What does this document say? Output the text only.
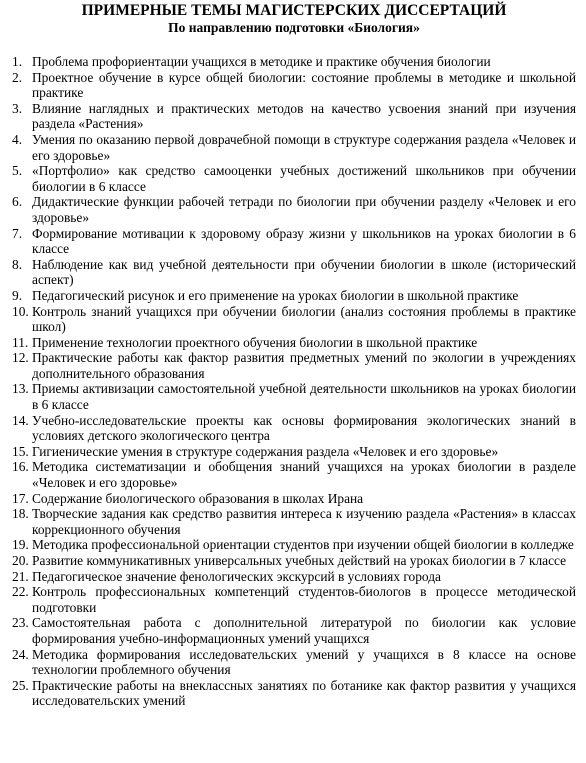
ПРИМЕРНЫЕ ТЕМЫ МАГИСТЕРСКИХ ДИССЕРТАЦИЙ
По направлению подготовки «Биология»
1. Проблема профориентации учащихся в методике и практике обучения биологии
2. Проектное обучение в курсе общей биологии: состояние проблемы в методике и школьной практике
3. Влияние наглядных и практических методов на качество усвоения знаний при изучения раздела «Растения»
4. Умения по оказанию первой доврачебной помощи в структуре содержания раздела «Человек и его здоровье»
5. «Портфолио» как средство самооценки учебных достижений школьников при обучении биологии в 6 классе
6. Дидактические функции рабочей тетради по биологии при обучении разделу «Человек и его здоровье»
7. Формирование мотивации к здоровому образу жизни у школьников на уроках биологии в 6 классе
8. Наблюдение как вид учебной деятельности при обучении биологии в школе (исторический аспект)
9. Педагогический рисунок и его применение на уроках биологии в школьной практике
10. Контроль знаний учащихся при обучении биологии (анализ состояния проблемы в практике школ)
11. Применение технологии проектного обучения биологии в школьной практике
12. Практические работы как фактор развития предметных умений по экологии в учреждениях дополнительного образования
13. Приемы активизации самостоятельной учебной деятельности школьников на уроках биологии в 6 классе
14. Учебно-исследовательские проекты как основы формирования экологических знаний в условиях детского экологического центра
15. Гигиенические умения в структуре содержания раздела «Человек и его здоровье»
16. Методика систематизации и обобщения знаний учащихся на уроках биологии в разделе «Человек и его здоровье»
17. Содержание биологического образования в школах Ирана
18. Творческие задания как средство развития интереса к изучению раздела «Растения» в классах коррекционного обучения
19. Методика профессиональной ориентации студентов при изучении общей биологии в колледже
20. Развитие коммуникативных универсальных учебных действий на уроках биологии в 7 классе
21. Педагогическое значение фенологических экскурсий в условиях города
22. Контроль профессиональных компетенций студентов-биологов в процессе методической подготовки
23. Самостоятельная работа с дополнительной литературой по биологии как условие формирования учебно-информационных умений учащихся
24. Методика формирования исследовательских умений у учащихся в 8 классе на основе технологии проблемного обучения
25. Практические работы на внеклассных занятиях по ботанике как фактор развития у учащихся исследовательских умений
